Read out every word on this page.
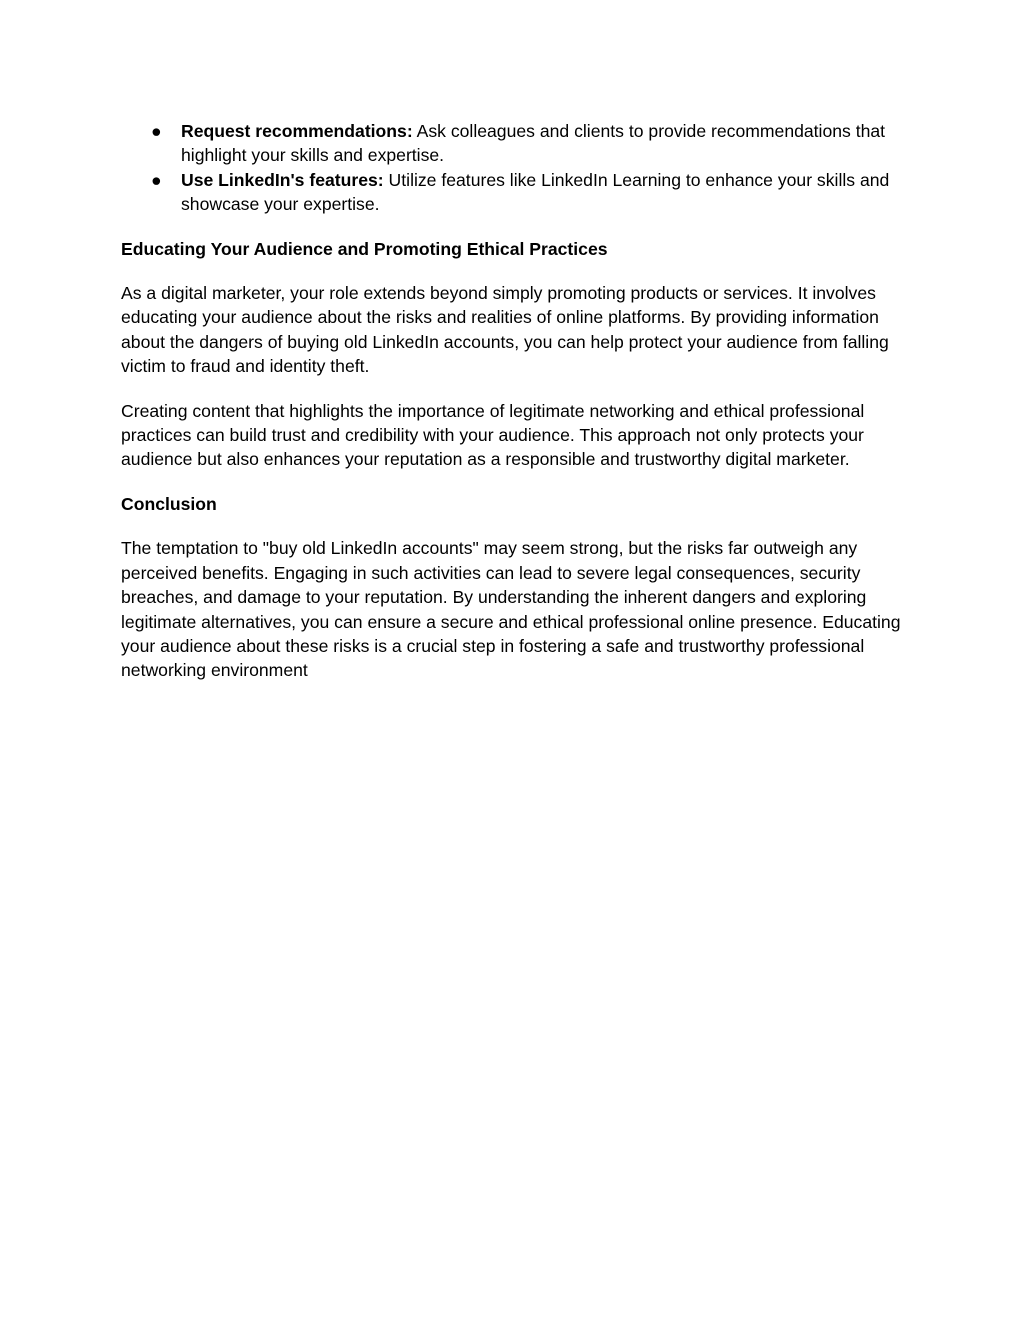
● Request recommendations: Ask colleagues and clients to provide recommendations that highlight your skills and expertise.
● Use LinkedIn's features: Utilize features like LinkedIn Learning to enhance your skills and showcase your expertise.

Educating Your Audience and Promoting Ethical Practices

As a digital marketer, your role extends beyond simply promoting products or services. It involves educating your audience about the risks and realities of online platforms. By providing information about the dangers of buying old LinkedIn accounts, you can help protect your audience from falling victim to fraud and identity theft.

Creating content that highlights the importance of legitimate networking and ethical professional practices can build trust and credibility with your audience. This approach not only protects your audience but also enhances your reputation as a responsible and trustworthy digital marketer.

Conclusion

The temptation to "buy old LinkedIn accounts" may seem strong, but the risks far outweigh any perceived benefits. Engaging in such activities can lead to severe legal consequences, security breaches, and damage to your reputation. By understanding the inherent dangers and exploring legitimate alternatives, you can ensure a secure and ethical professional online presence. Educating your audience about these risks is a crucial step in fostering a safe and trustworthy professional networking environment
